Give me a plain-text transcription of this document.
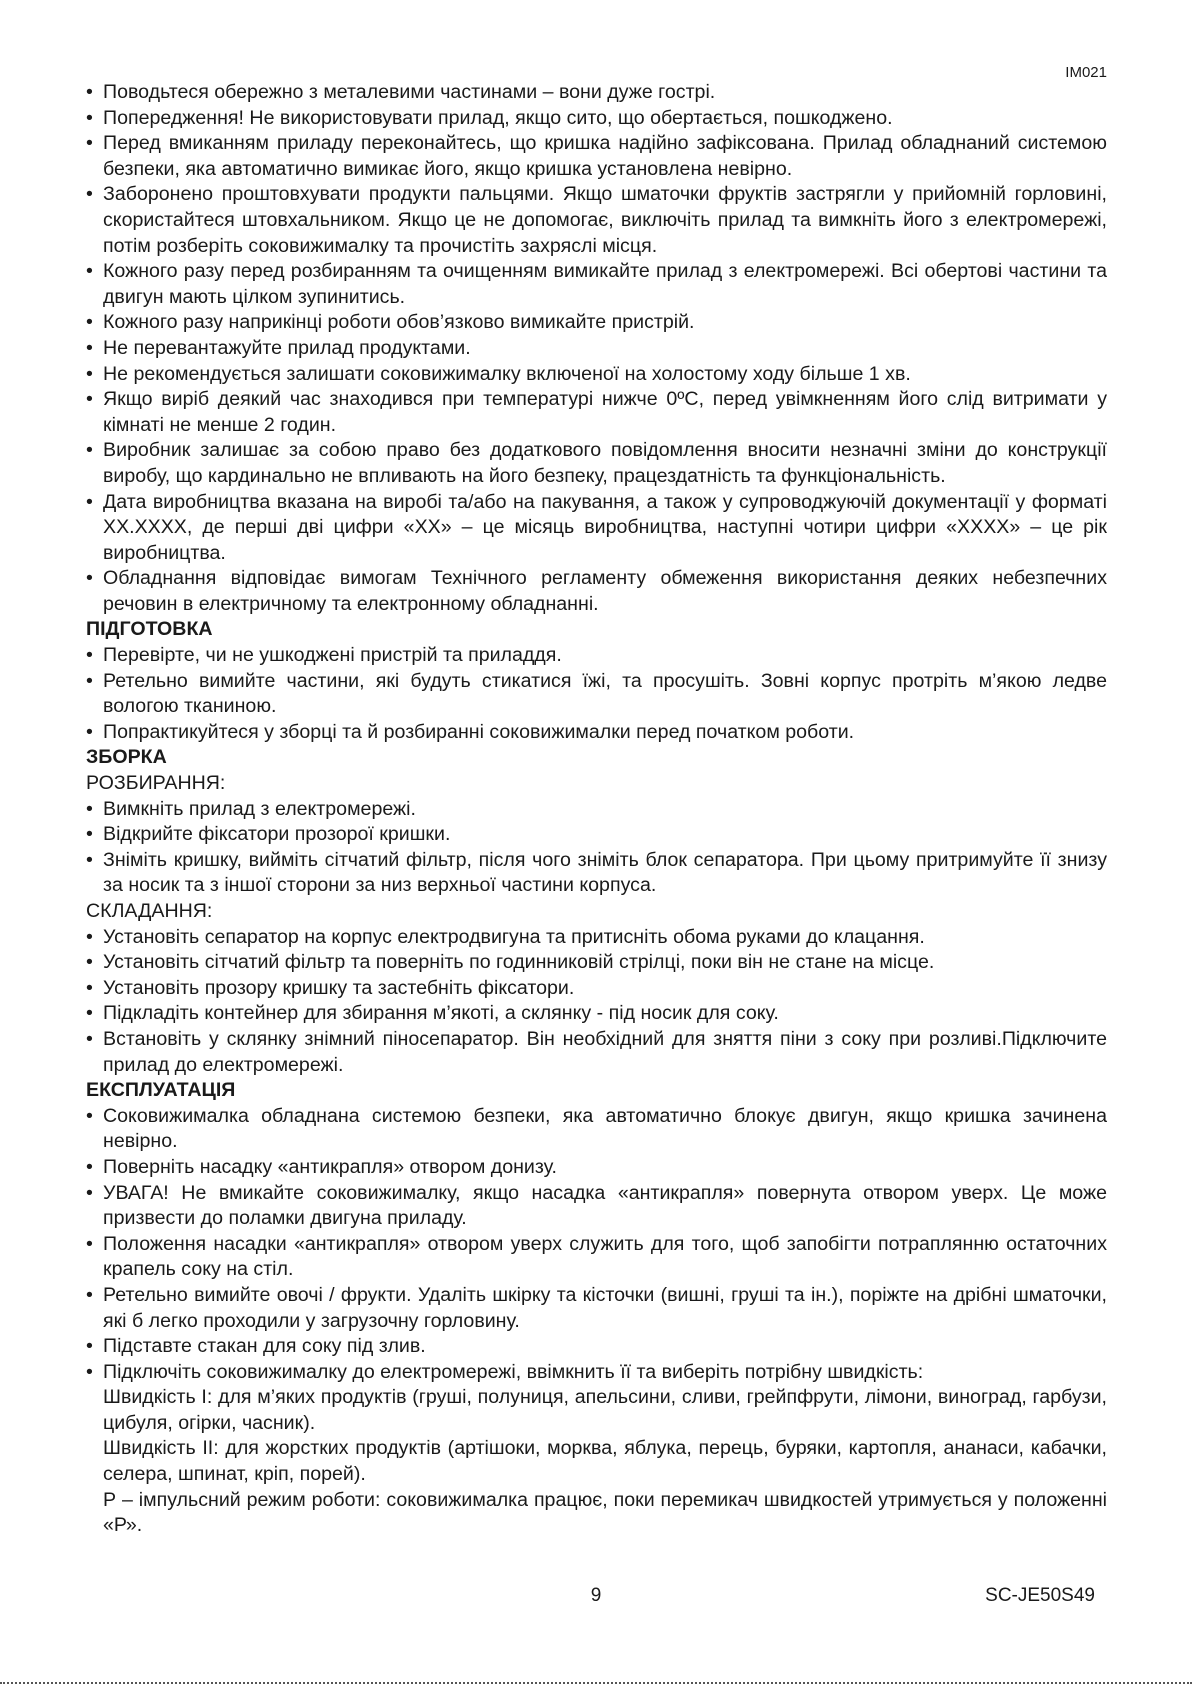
IM021
• Поводьтеся обережно з металевими частинами – вони дуже гострі.
• Попередження! Не використовувати прилад, якщо сито, що обертається, пошкоджено.
• Перед вмиканням приладу переконайтесь, що кришка надійно зафіксована. Прилад обладнаний системою безпеки, яка автоматично вимикає його, якщо кришка установлена невірно.
• Заборонено проштовхувати продукти пальцями. Якщо шматочки фруктів застрягли у прийомній горловині, скористайтеся штовхальником. Якщо це не допомогає, виключіть прилад та вимкніть його з електромережі, потім розберіть соковижималку та прочистіть захряслі місця.
• Кожного разу перед розбиранням та очищенням вимикайте прилад з електромережі. Всі обертові частини та двигун мають цілком зупинитись.
• Кожного разу наприкінці роботи обов’язково вимикайте пристрій.
• Не перевантажуйте прилад продуктами.
• Не рекомендується залишати соковижималку включеної на холостому ходу більше 1 хв.
• Якщо виріб деякий час знаходився при температурі нижче 0ºC, перед увімкненням його слід витримати у кімнаті не менше 2 годин.
• Виробник залишає за собою право без додаткового повідомлення вносити незначні зміни до конструкції виробу, що кардинально не впливають на його безпеку, працездатність та функціональність.
• Дата виробництва вказана на виробі та/або на пакування, а також у супроводжуючій документації у форматі XX.XXXX, де перші дві цифри «XX» – це місяць виробництва, наступні чотири цифри «XXXX» – це рік виробництва.
• Обладнання відповідає вимогам Технічного регламенту обмеження використання деяких небезпечних речовин в електричному та електронному обладнанні.
ПІДГОТОВКА
• Перевірте, чи не ушкоджені пристрій та приладдя.
• Ретельно вимийте частини, які будуть стикатися їжі, та просушіть. Зовні корпус протріть м’якою ледве вологою тканиною.
• Попрактикуйтеся у зборці та й розбиранні соковижималки перед початком роботи.
ЗБОРКА
РОЗБИРАННЯ:
• Вимкніть прилад з електромережі.
• Відкрийте фіксатори прозорої кришки.
• Зніміть кришку, вийміть сітчатий фільтр, після чого зніміть блок сепаратора. При цьому притримуйте її знизу за носик та з іншої сторони за низ верхньої частини корпуса.
СКЛАДАННЯ:
• Установіть сепаратор на корпус електродвигуна та притисніть обома руками до клацання.
• Установіть сітчатий фільтр та поверніть по годинниковій стрілці, поки він не стане на місце.
• Установіть прозору кришку та застебніть фіксатори.
• Підкладіть контейнер для збирання м’якоті, а склянку - під носик для соку.
• Встановіть у склянку знімний піносепаратор. Він необхідний для зняття піни з соку при розливі.Підключите прилад до електромережі.
ЕКСПЛУАТАЦІЯ
• Соковижималка обладнана системою безпеки, яка автоматично блокує двигун, якщо кришка зачинена невірно.
• Поверніть насадку «антикрапля» отвором донизу.
• УВАГА! Не вмикайте соковижималку, якщо насадка «антикрапля» повернута отвором уверх. Це може призвести до поламки двигуна приладу.
• Положення насадки «антикрапля» отвором уверх служить для того, щоб запобігти потраплянню остаточних крапель соку на стіл.
• Ретельно вимийте овочі / фрукти. Удаліть шкірку та кісточки (вишні, груші та ін.), поріжте на дрібні шматочки, які б легко проходили у загрузочну горловину.
• Підставте стакан для соку під злив.
• Підключіть соковижималку до електромережі, ввімкнить її та виберіть потрібну швидкість:
Швидкість І: для м’яких продуктів (груші, полуниця, апельсини, сливи, грейпфрути, лімони, виноград, гарбузи, цибуля, огірки, часник).
Швидкість ІІ: для жорстких продуктів (артішоки, морква, яблука, перець, буряки, картопля, ананаси, кабачки, селера, шпинат, кріп, порей).
Р – імпульсний режим роботи: соковижималка працює, поки перемикач швидкостей утримується у положенні «Р».
9	SC-JE50S49
